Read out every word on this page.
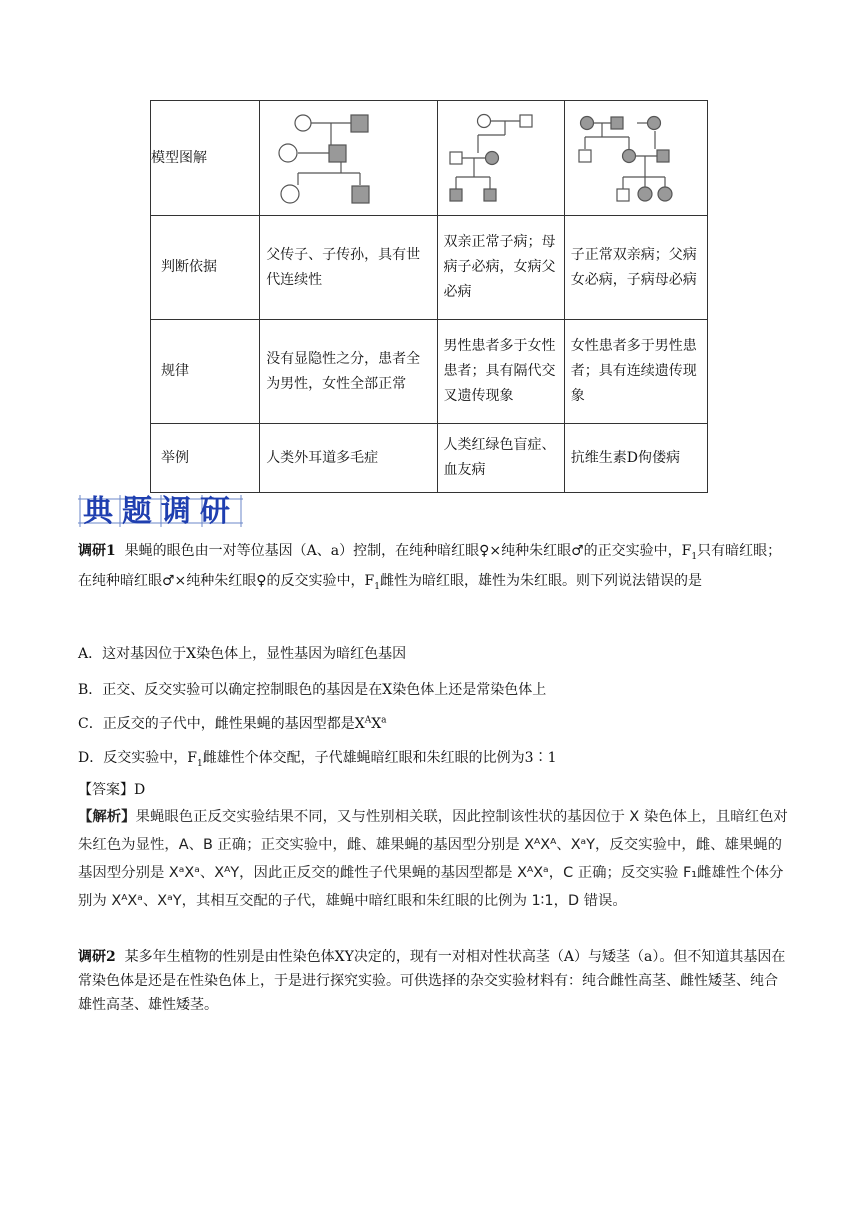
模型图解			
判断依据	父传子、子传孙，具有世代连续性	双亲正常子病；母病子必病，女病父必病	子正常双亲病；父病女必病，子病母必病
规律	没有显隐性之分，患者全为男性，女性全部正常	男性患者多于女性患者；具有隔代交叉遗传现象	女性患者多于男性患者；具有连续遗传现象
举例	人类外耳道多毛症	人类红绿色盲症、血友病	抗维生素D佝偻病
典题调研
调研1 果蝇的眼色由一对等位基因（A、a）控制，在纯种暗红眼♀×纯种朱红眼♂的正交实验中，$F_1$只有暗红眼；在纯种暗红眼♂×纯种朱红眼♀的反交实验中，$F_1$雌性为暗红眼，雄性为朱红眼。则下列说法错误的是
A．这对基因位于X染色体上，显性基因为暗红色基因
B．正交、反交实验可以确定控制眼色的基因是在X染色体上还是常染色体上
C．正反交的子代中，雌性果蝇的基因型都是$X^AX^a$
D．反交实验中，$F_1$雌雄性个体交配，子代雄蝇暗红眼和朱红眼的比例为3∶1
【答案】D
【解析】果蝇眼色正反交实验结果不同，又与性别相关联，因此控制该性状的基因位于 X 染色体上，且暗红色对朱红色为显性，A、B 正确；正交实验中，雌、雄果蝇的基因型分别是 XᴬXᴬ、XᵃY，反交实验中，雌、雄果蝇的基因型分别是 XᵃXᵃ、XᴬY，因此正反交的雌性子代果蝇的基因型都是 XᴬXᵃ，C 正确；反交实验 F₁雌雄性个体分别为 XᴬXᵃ、XᵃY，其相互交配的子代，雄蝇中暗红眼和朱红眼的比例为 1∶1，D 错误。
调研2 某多年生植物的性别是由性染色体XY决定的，现有一对相对性状高茎（A）与矮茎（a）。但不知道其基因在常染色体是还是在性染色体上，于是进行探究实验。可供选择的杂交实验材料有：纯合雌性高茎、雌性矮茎、纯合雄性高茎、雄性矮茎。
